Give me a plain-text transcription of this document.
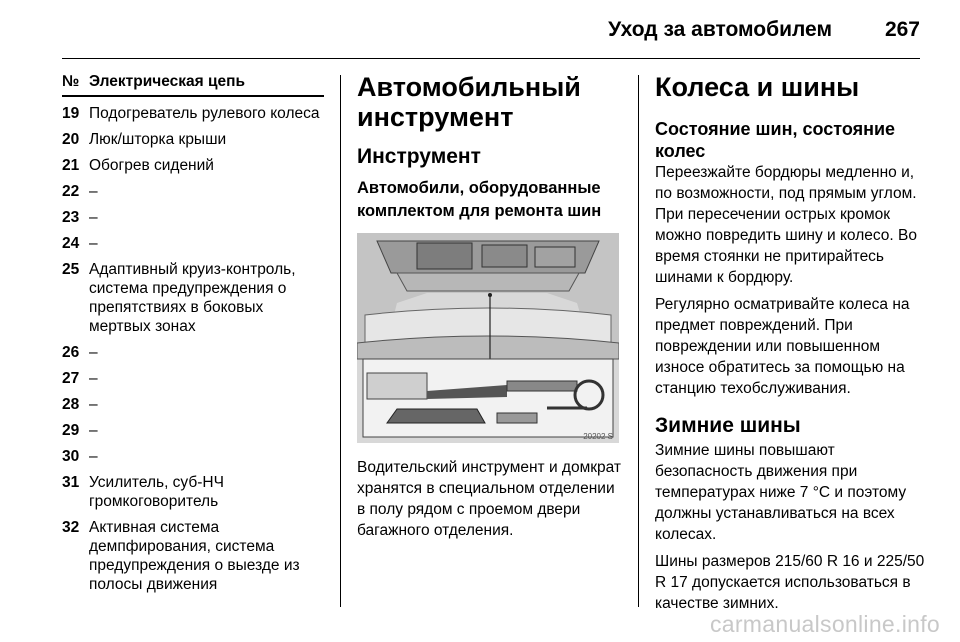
Уход за автомобилем	267
№ Электрическая цепь
19 Подогреватель рулевого колеса
20 Люк/шторка крыши
21 Обогрев сидений
22 –
23 –
24 –
25 Адаптивный круиз-контроль, система предупреждения о препятствиях в боковых мертвых зонах
26 –
27 –
28 –
29 –
30 –
31 Усилитель, суб-НЧ громкоговоритель
32 Активная система демпфирования, система предупреждения о выезде из полосы движения
Автомобильный инструмент
Инструмент
Автомобили, оборудованные комплектом для ремонта шин
20202 S
Водительский инструмент и домкрат хранятся в специальном отделении в полу рядом с проемом двери багажного отделения.
Колеса и шины
Состояние шин, состояние колес
Переезжайте бордюры медленно и, по возможности, под прямым углом. При пересечении острых кромок можно повредить шину и колесо. Во время стоянки не притирайтесь шинами к бордюру.
Регулярно осматривайте колеса на предмет повреждений. При повреждении или повышенном износе обратитесь за помощью на станцию техобслуживания.
Зимние шины
Зимние шины повышают безопасность движения при температурах ниже 7 °C и поэтому должны устанавливаться на всех колесах.
Шины размеров 215/60 R 16 и 225/50 R 17 допускается использоваться в качестве зимних.
carmanualsonline.info
